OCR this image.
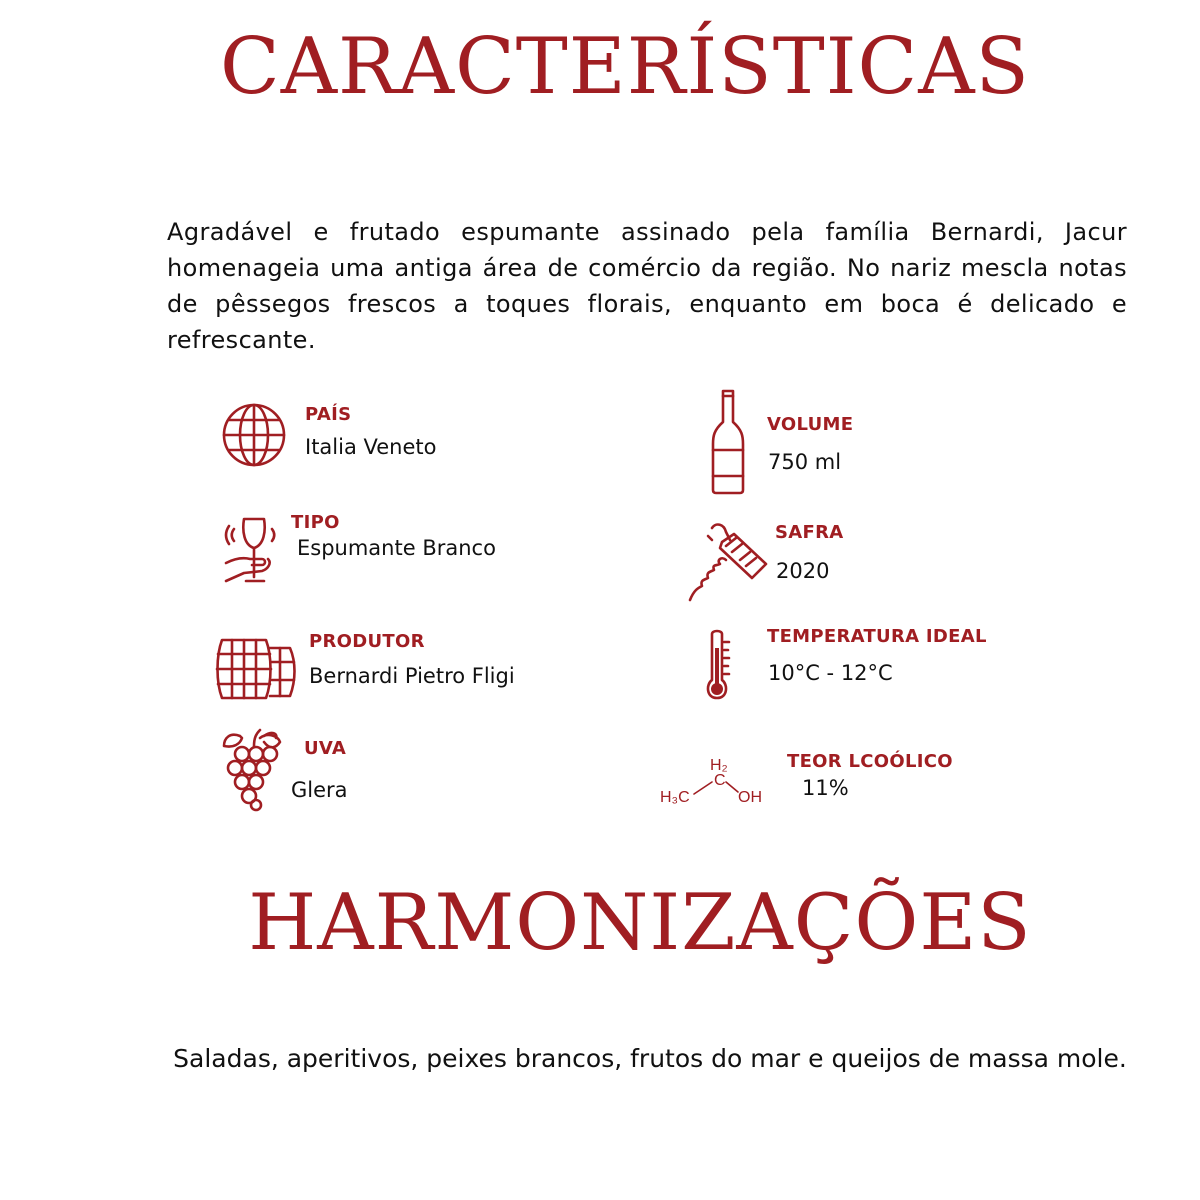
CARACTERÍSTICAS
Agradável e frutado espumante assinado pela família Bernardi, Jacur homenageia uma antiga área de comércio da região. No nariz mescla notas de pêssegos frescos a toques florais, enquanto em boca é delicado e refrescante.
PAÍS
Italia Veneto
TIPO
Espumante Branco
PRODUTOR
Bernardi Pietro Fligi
UVA
Glera
VOLUME
750 ml
SAFRA
2020
TEMPERATURA IDEAL
10°C - 12°C
H₂
C
H₃C	OH
TEOR LCOÓLICO
11%
HARMONIZAÇÕES
Saladas, aperitivos, peixes brancos, frutos do mar e queijos de massa mole.
